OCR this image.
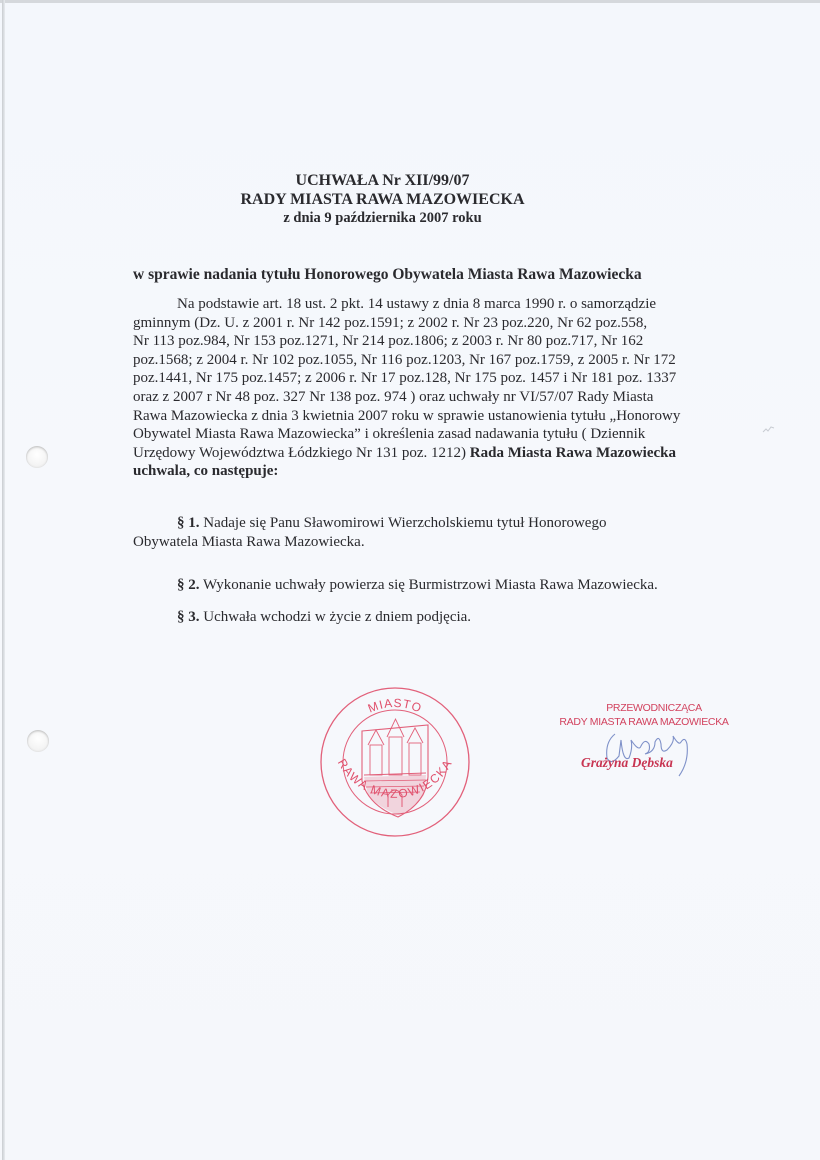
UCHWAŁA Nr XII/99/07
RADY MIASTA RAWA MAZOWIECKA
z dnia 9 października 2007 roku
w sprawie nadania tytułu Honorowego Obywatela Miasta Rawa Mazowiecka
Na podstawie art. 18 ust. 2 pkt. 14 ustawy z dnia 8 marca 1990 r. o samorządzie
gminnym (Dz. U. z 2001 r. Nr 142 poz.1591; z 2002 r. Nr 23 poz.220, Nr 62 poz.558,
Nr 113 poz.984, Nr 153 poz.1271, Nr 214 poz.1806; z 2003 r. Nr 80 poz.717, Nr 162
poz.1568; z 2004 r. Nr 102 poz.1055, Nr 116 poz.1203, Nr 167 poz.1759, z 2005 r. Nr 172
poz.1441, Nr 175 poz.1457; z 2006 r. Nr 17 poz.128, Nr 175 poz. 1457 i Nr 181 poz. 1337
oraz z 2007 r Nr 48 poz. 327 Nr 138 poz. 974 ) oraz uchwały nr VI/57/07 Rady Miasta
Rawa Mazowiecka z dnia 3 kwietnia 2007 roku w sprawie ustanowienia tytułu „Honorowy
Obywatel Miasta Rawa Mazowiecka” i określenia zasad nadawania tytułu ( Dziennik
Urzędowy Województwa Łódzkiego Nr 131 poz. 1212) Rada Miasta Rawa Mazowiecka
uchwala, co następuje:
§ 1. Nadaje się Panu Sławomirowi Wierzcholskiemu tytuł Honorowego
Obywatela Miasta Rawa Mazowiecka.
§ 2. Wykonanie uchwały powierza się Burmistrzowi Miasta Rawa Mazowiecka.
§ 3. Uchwała wchodzi w życie z dniem podjęcia.
MIASTO
RAWA MAZOWIECKA
PRZEWODNICZĄCA
RADY MIASTA RAWA MAZOWIECKA
Grażyna Dębska
